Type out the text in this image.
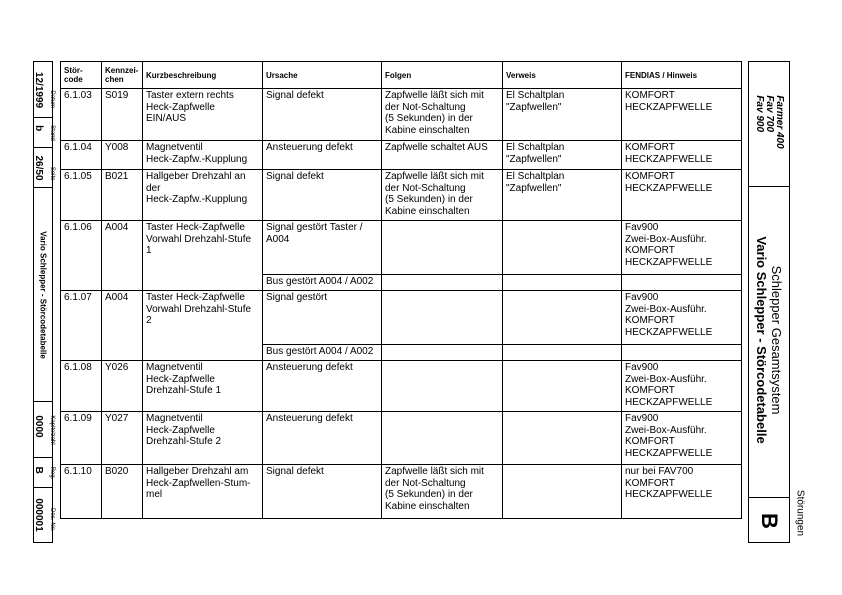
Datum
12/1999
Stand
b
Seite
26/50
Vario Schlepper - Störcodetabelle
Kapitelzahl
0000
Reg.
B
Doc.-No.
000001
Stör-
code	Kennzei-
chen	Kurzbeschreibung	Ursache	Folgen	Verweis	FENDIAS / Hinweis
6.1.03	S019	Taster extern rechts
Heck-Zapfwelle
EIN/AUS	Signal defekt	Zapfwelle läßt sich mit
der Not-Schaltung
(5 Sekunden) in der
Kabine einschalten	El Schaltplan
"Zapfwellen"	KOMFORT
HECKZAPFWELLE
6.1.04	Y008	Magnetventil
Heck-Zapfw.-Kupplung	Ansteuerung defekt	Zapfwelle schaltet AUS	El Schaltplan
"Zapfwellen"	KOMFORT
HECKZAPFWELLE
6.1.05	B021	Hallgeber Drehzahl an
der
Heck-Zapfw.-Kupplung	Signal defekt	Zapfwelle läßt sich mit
der Not-Schaltung
(5 Sekunden) in der
Kabine einschalten	El Schaltplan
"Zapfwellen"	KOMFORT
HECKZAPFWELLE
6.1.06	A004	Taster Heck-Zapfwelle
Vorwahl Drehzahl-Stufe
1	Signal gestört Taster /
A004			Fav900
Zwei-Box-Ausführ.
KOMFORT
HECKZAPFWELLE
			Bus gestört A004 / A002			
6.1.07	A004	Taster Heck-Zapfwelle
Vorwahl Drehzahl-Stufe
2	Signal gestört			Fav900
Zwei-Box-Ausführ.
KOMFORT
HECKZAPFWELLE
			Bus gestört A004 / A002			
6.1.08	Y026	Magnetventil
Heck-Zapfwelle
Drehzahl-Stufe 1	Ansteuerung defekt			Fav900
Zwei-Box-Ausführ.
KOMFORT
HECKZAPFWELLE
6.1.09	Y027	Magnetventil
Heck-Zapfwelle
Drehzahl-Stufe 2	Ansteuerung defekt			Fav900
Zwei-Box-Ausführ.
KOMFORT
HECKZAPFWELLE
6.1.10	B020	Hallgeber Drehzahl am
Heck-Zapfwellen-Stum-
mel	Signal defekt	Zapfwelle läßt sich mit
der Not-Schaltung
(5 Sekunden) in der
Kabine einschalten		nur bei FAV700
KOMFORT
HECKZAPFWELLE
Farmer 400
Fav 700
Fav 900
Schlepper Gesamtsystem
Vario Schlepper - Störcodetabelle
B Störungen
